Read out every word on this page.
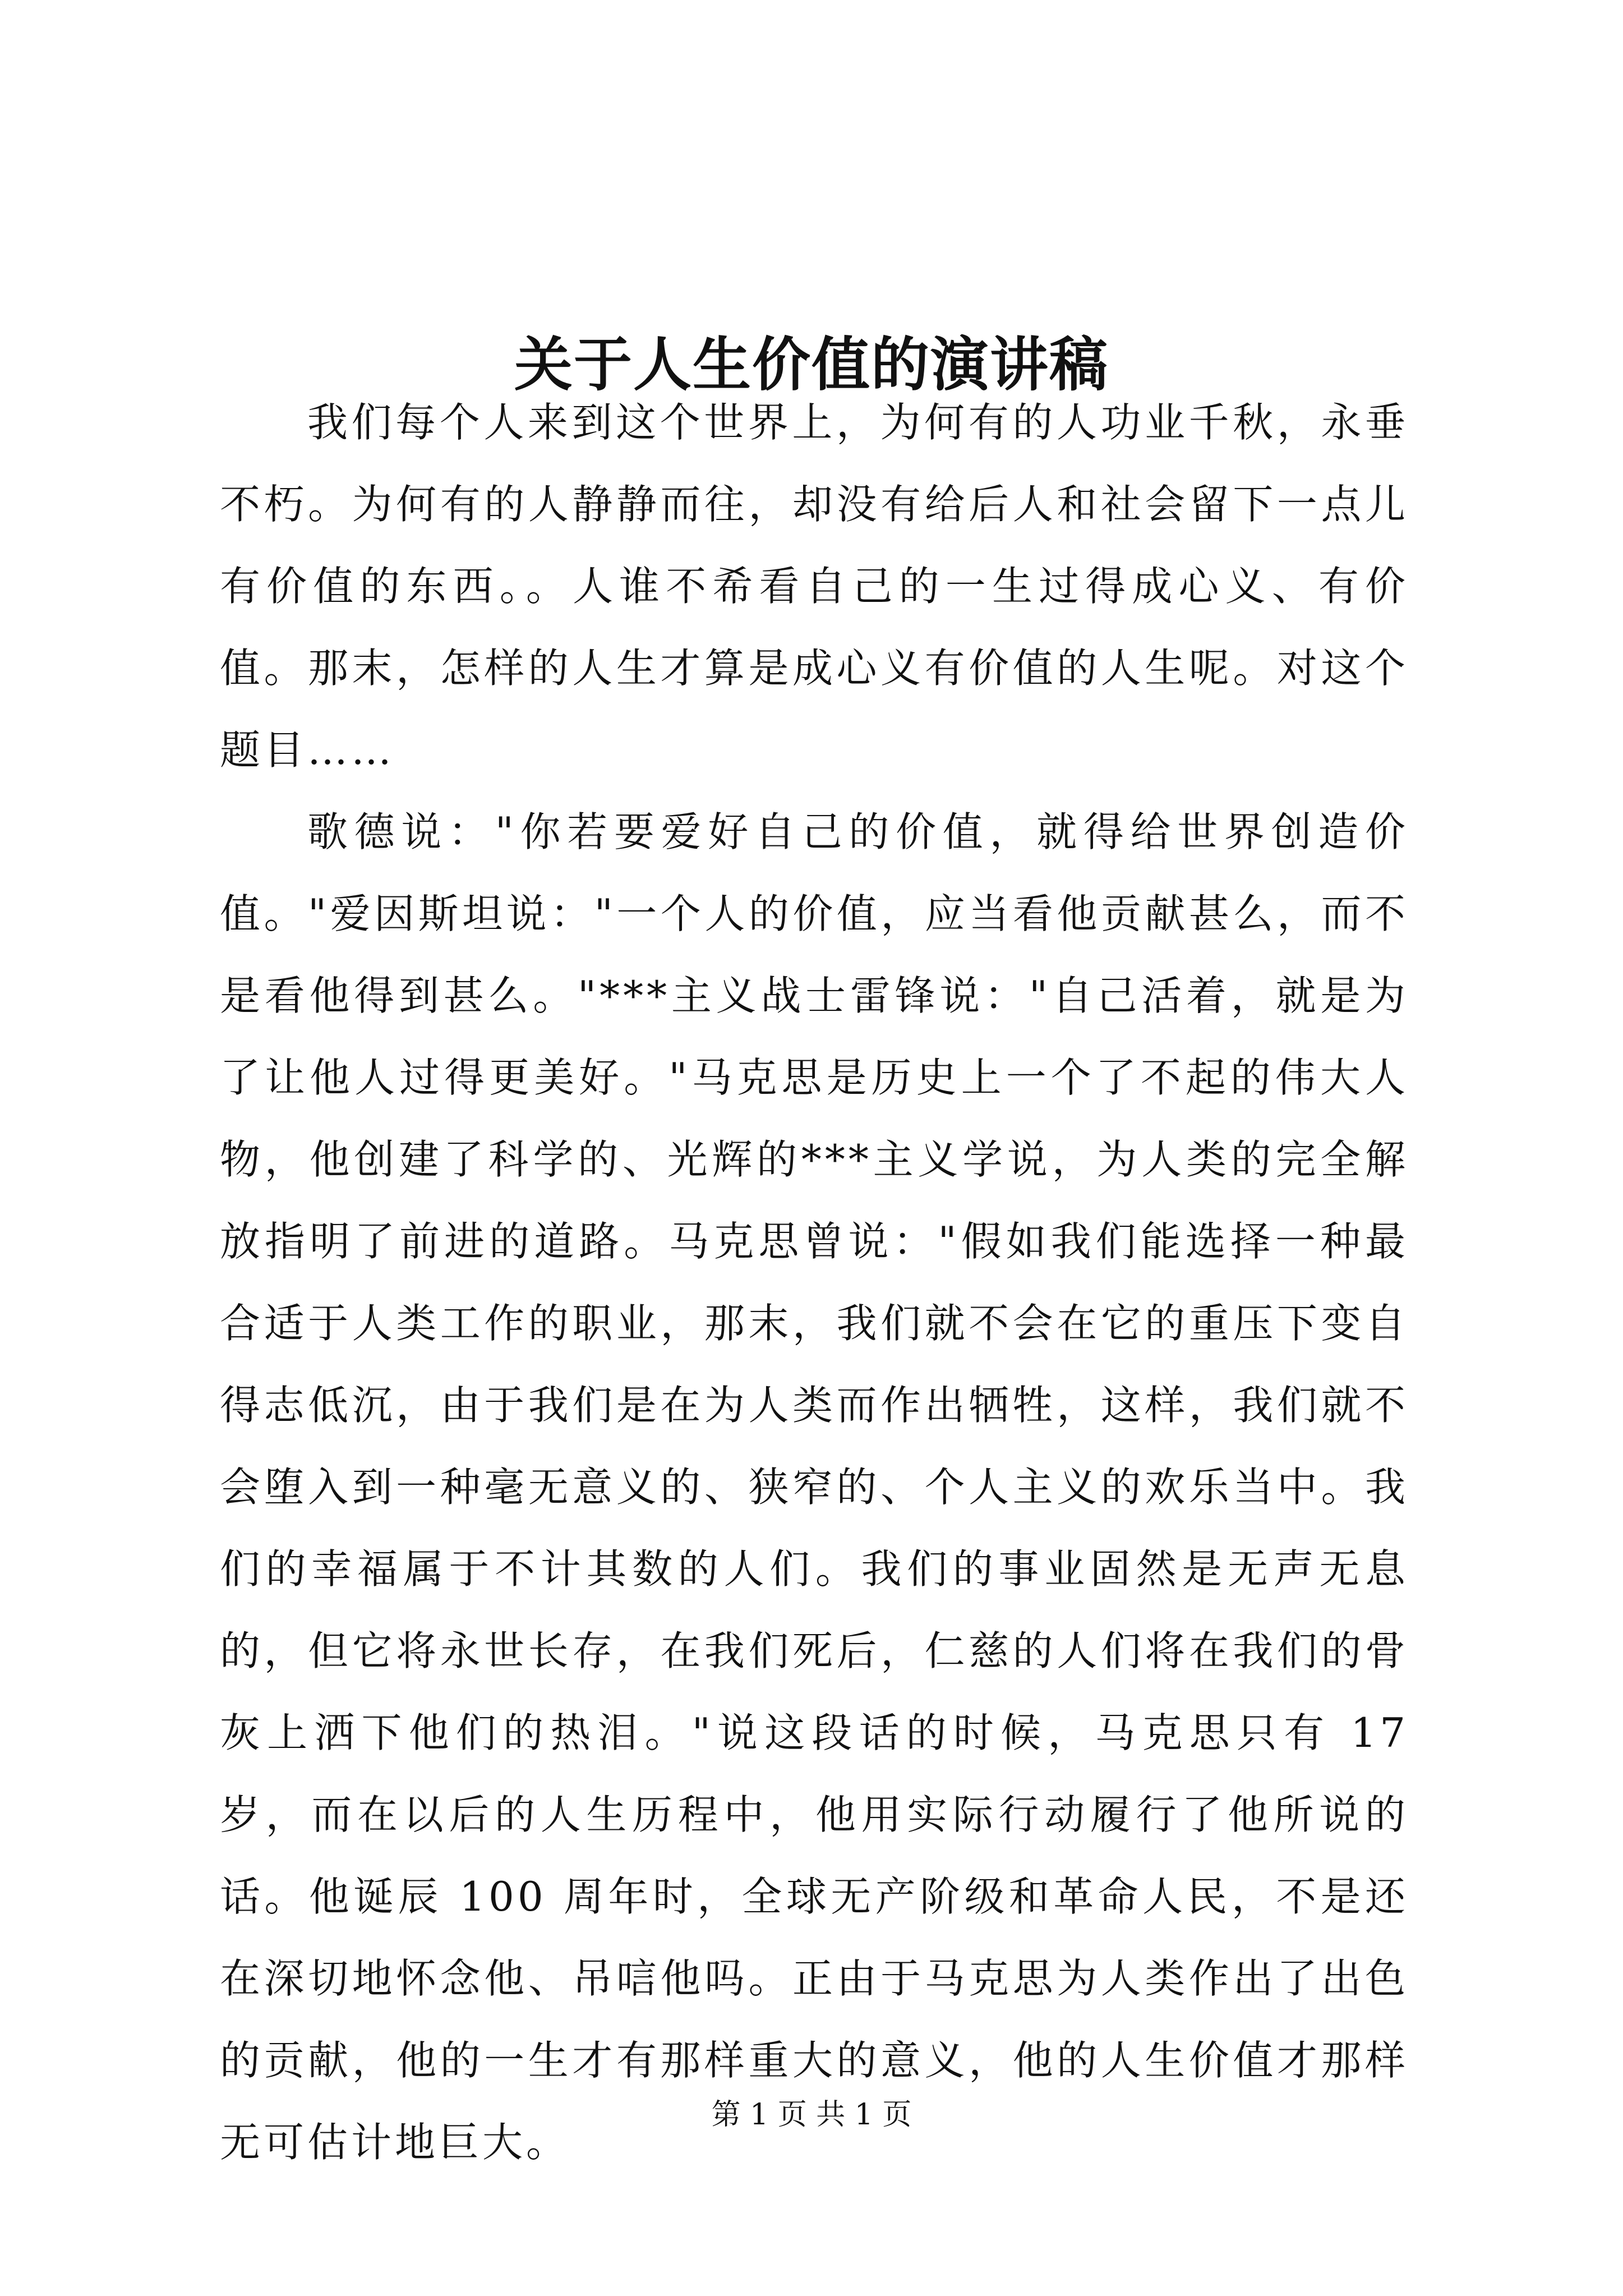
关于人生价值的演讲稿

我们每个人来到这个世界上，为何有的人功业千秋，永垂不朽。为何有的人静静而往，却没有给后人和社会留下一点儿有价值的东西。。人谁不希看自己的一生过得成心义、有价值。那末，怎样的人生才算是成心义有价值的人生呢。对这个题目……

歌德说："你若要爱好自己的价值，就得给世界创造价值。"爱因斯坦说："一个人的价值，应当看他贡献甚么，而不是看他得到甚么。"***主义战士雷锋说："自己活着，就是为了让他人过得更美好。"马克思是历史上一个了不起的伟大人物，他创建了科学的、光辉的***主义学说，为人类的完全解放指明了前进的道路。马克思曾说："假如我们能选择一种最合适于人类工作的职业，那末，我们就不会在它的重压下变自得志低沉，由于我们是在为人类而作出牺牲，这样，我们就不会堕入到一种毫无意义的、狭窄的、个人主义的欢乐当中。我们的幸福属于不计其数的人们。我们的事业固然是无声无息的，但它将永世长存，在我们死后，仁慈的人们将在我们的骨灰上洒下他们的热泪。"说这段话的时候，马克思只有 17 岁，而在以后的人生历程中，他用实际行动履行了他所说的话。他诞辰 100 周年时，全球无产阶级和革命人民，不是还在深切地怀念他、吊唁他吗。正由于马克思为人类作出了出色的贡献，他的一生才有那样重大的意义，他的人生价值才那样无可估计地巨大。

第 1 页 共 1 页
